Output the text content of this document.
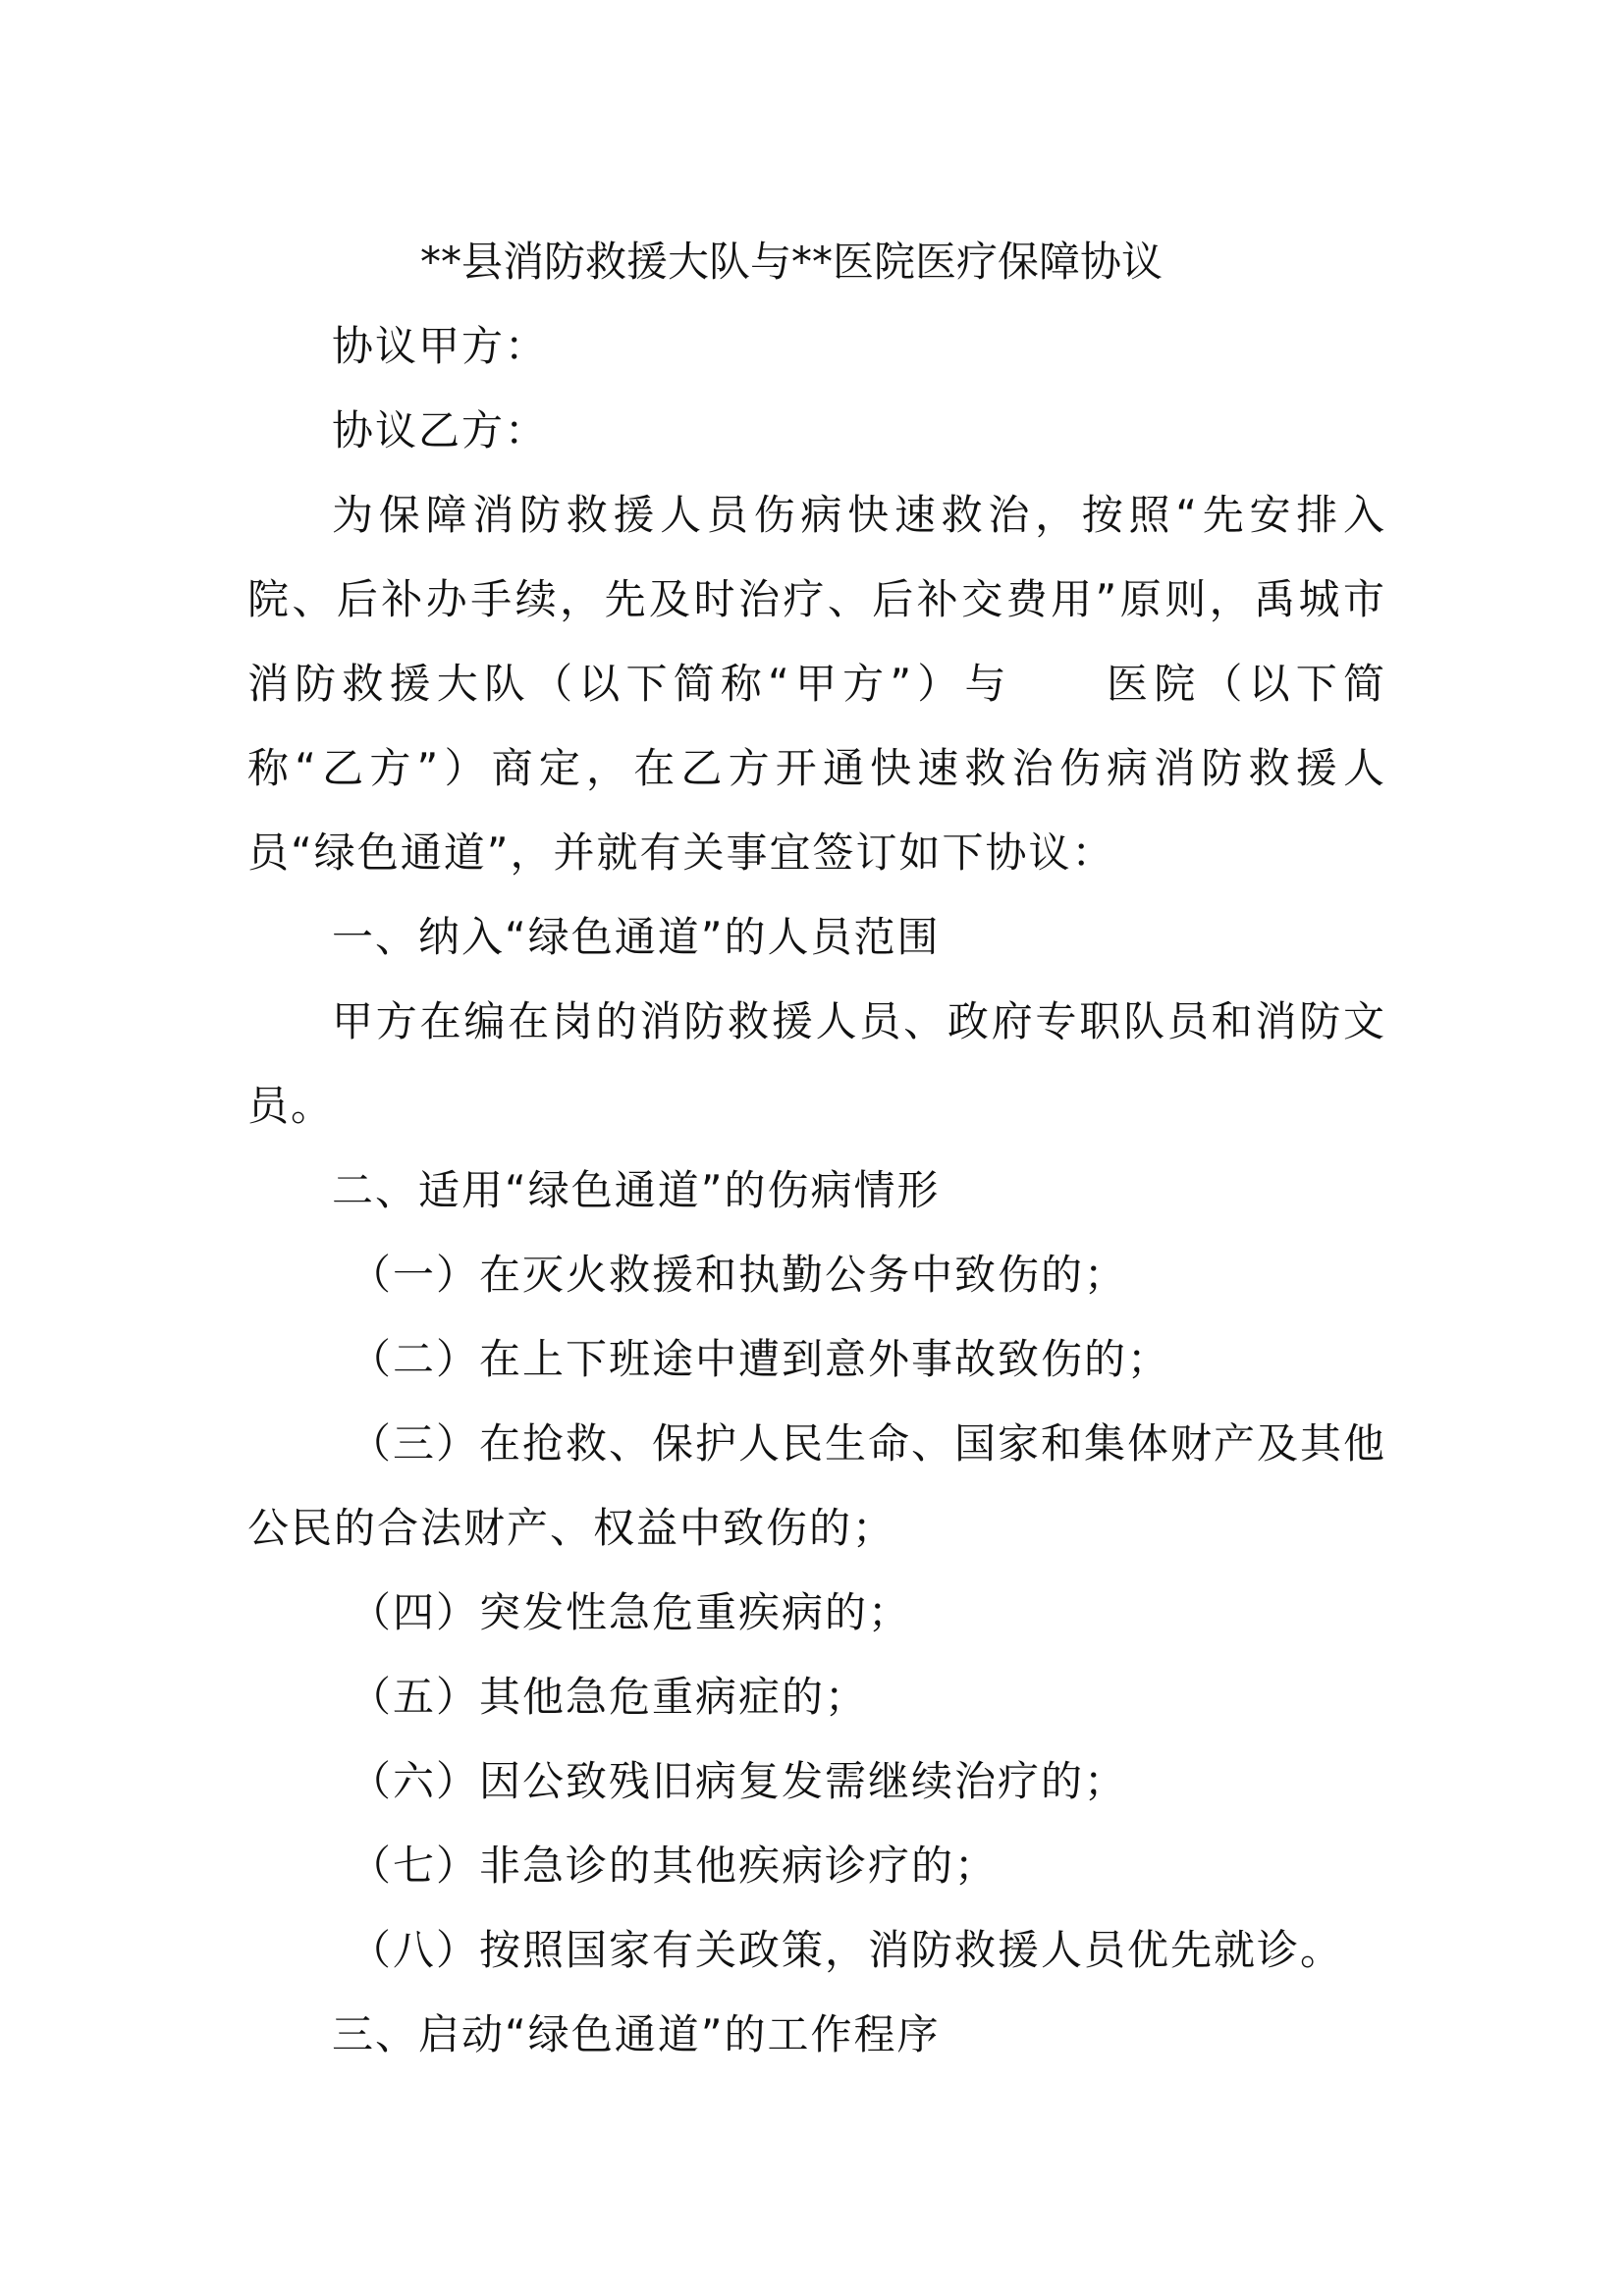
**县消防救援大队与**医院医疗保障协议

协议甲方：

协议乙方：

为保障消防救援人员伤病快速救治，按照“先安排入院、后补办手续，先及时治疗、后补交费用”原则，禹城市消防救援大队（以下简称“甲方”）与　　医院（以下简称“乙方”）商定，在乙方开通快速救治伤病消防救援人员“绿色通道”，并就有关事宜签订如下协议：

一、纳入“绿色通道”的人员范围

甲方在编在岗的消防救援人员、政府专职队员和消防文员。

二、适用“绿色通道”的伤病情形

（一）在灭火救援和执勤公务中致伤的；

（二）在上下班途中遭到意外事故致伤的；

（三）在抢救、保护人民生命、国家和集体财产及其他公民的合法财产、权益中致伤的；

（四）突发性急危重疾病的；

（五）其他急危重病症的；

（六）因公致残旧病复发需继续治疗的；

（七）非急诊的其他疾病诊疗的；

（八）按照国家有关政策，消防救援人员优先就诊。

三、启动“绿色通道”的工作程序
